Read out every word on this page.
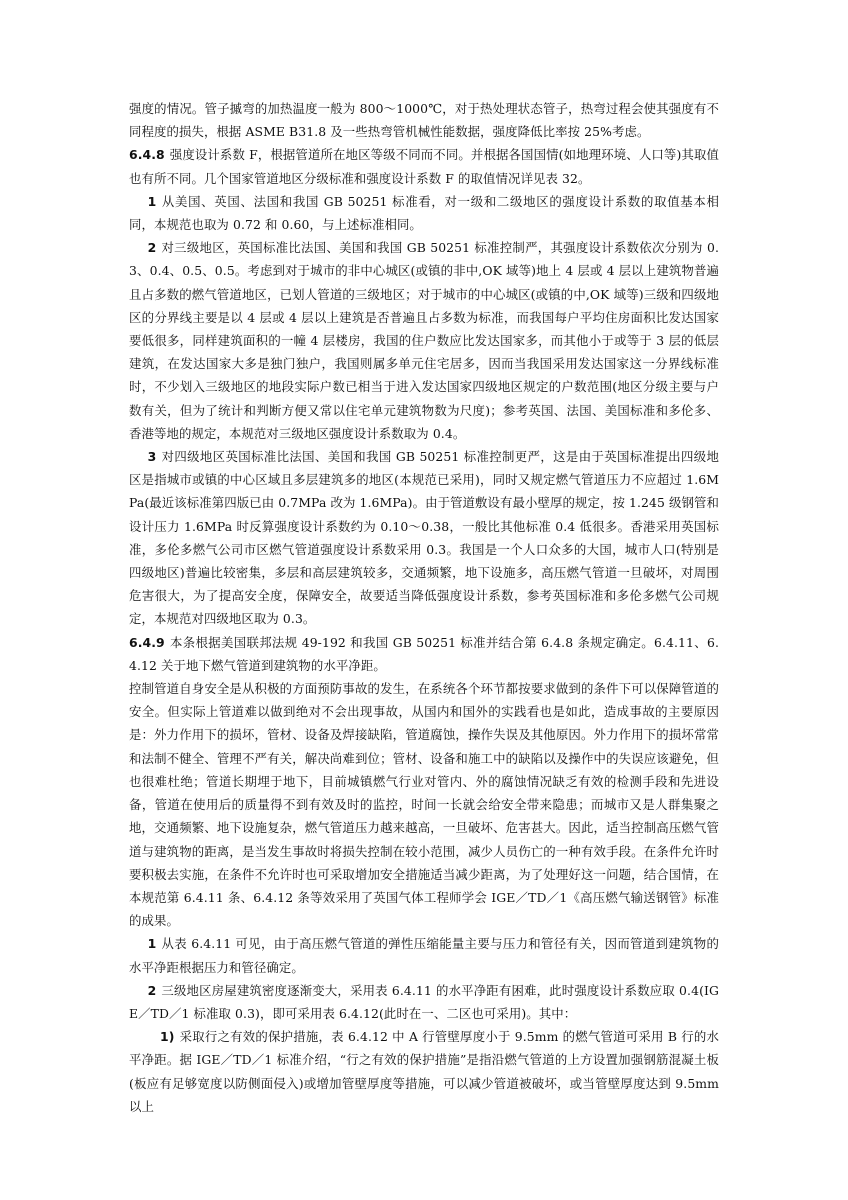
强度的情况。管子摵弯的加热温度一般为 800～1000℃，对于热处理状态管子，热弯过程会使其强度有不同程度的损失，根据 ASME B31.8 及一些热弯管机械性能数据，强度降低比率按 25%考虑。

6.4.8 强度设计系数 F，根据管道所在地区等级不同而不同。并根据各国国情(如地理环境、人口等)其取值也有所不同。几个国家管道地区分级标准和强度设计系数 F 的取值情况详见表 32。

1 从美国、英国、法国和我国 GB 50251 标准看，对一级和二级地区的强度设计系数的取值基本相同，本规范也取为 0.72 和 0.60，与上述标准相同。

2 对三级地区，英国标准比法国、美国和我国 GB 50251 标准控制严，其强度设计系数依次分别为 0.3、0.4、0.5、0.5。考虑到对于城市的非中心城区(或镇的非中,OK 域等)地上 4 层或 4 层以上建筑物普遍且占多数的燃气管道地区，已划人管道的三级地区；对于城市的中心城区(或镇的中,OK 域等)三级和四级地区的分界线主要是以 4 层或 4 层以上建筑是否普遍且占多数为标准，而我国每户平均住房面积比发达国家要低很多，同样建筑面积的一幢 4 层楼房，我国的住户数应比发达国家多，而其他小于或等于 3 层的低层建筑，在发达国家大多是独门独户，我国则属多单元住宅居多，因而当我国采用发达国家这一分界线标准时，不少划入三级地区的地段实际户数已相当于进入发达国家四级地区规定的户数范围(地区分级主要与户数有关，但为了统计和判断方便又常以住宅单元建筑物数为尺度)；参考英国、法国、美国标准和多伦多、香港等地的规定，本规范对三级地区强度设计系数取为 0.4。

3 对四级地区英国标准比法国、美国和我国 GB 50251 标准控制更严，这是由于英国标准提出四级地区是指城市或镇的中心区域且多层建筑多的地区(本规范已采用)，同时又规定燃气管道压力不应超过 1.6MPa(最近该标准第四版已由 0.7MPa 改为 1.6MPa)。由于管道敷设有最小壁厚的规定，按 1.245 级钢管和设计压力 1.6MPa 时反算强度设计系数约为 0.10～0.38，一般比其他标准 0.4 低很多。香港采用英国标准，多伦多燃气公司市区燃气管道强度设计系数采用 0.3。我国是一个人口众多的大国，城市人口(特别是四级地区)普遍比较密集，多层和高层建筑较多，交通频繁，地下设施多，高压燃气管道一旦破坏，对周围危害很大，为了提高安全度，保障安全，故要适当降低强度设计系数，参考英国标准和多伦多燃气公司规定，本规范对四级地区取为 0.3。

6.4.9 本条根据美国联邦法规 49-192 和我国 GB 50251 标准并结合第 6.4.8 条规定确定。6.4.11、6.4.12 关于地下燃气管道到建筑物的水平净距。

控制管道自身安全是从积极的方面预防事故的发生，在系统各个环节都按要求做到的条件下可以保障管道的安全。但实际上管道难以做到绝对不会出现事故，从国内和国外的实践看也是如此，造成事故的主要原因是：外力作用下的损坏，管材、设备及焊接缺陷，管道腐蚀，操作失误及其他原因。外力作用下的损坏常常和法制不健全、管理不严有关，解决尚难到位；管材、设备和施工中的缺陷以及操作中的失误应该避免，但也很难杜绝；管道长期埋于地下，目前城镇燃气行业对管内、外的腐蚀情况缺乏有效的检测手段和先进设备，管道在使用后的质量得不到有效及时的监控，时间一长就会给安全带来隐患；而城市又是人群集聚之地，交通频繁、地下设施复杂，燃气管道压力越来越高，一旦破坏、危害甚大。因此，适当控制高压燃气管道与建筑物的距离，是当发生事故时将损失控制在较小范围，减少人员伤亡的一种有效手段。在条件允许时要积极去实施，在条件不允许时也可采取增加安全措施适当减少距离，为了处理好这一问题，结合国情，在本规范第 6.4.11 条、6.4.12 条等效采用了英国气体工程师学会 IGE／TD／1《高压燃气输送钢管》标准的成果。

1 从表 6.4.11 可见，由于高压燃气管道的弹性压缩能量主要与压力和管径有关，因而管道到建筑物的水平净距根据压力和管径确定。

2 三级地区房屋建筑密度逐渐变大，采用表 6.4.11 的水平净距有困难，此时强度设计系数应取 0.4(IGE／TD／1 标准取 0.3)，即可采用表 6.4.12(此时在一、二区也可采用)。其中：

1) 采取行之有效的保护措施，表 6.4.12 中 A 行管壁厚度小于 9.5mm 的燃气管道可采用 B 行的水平净距。据 IGE／TD／1 标准介绍，“行之有效的保护措施”是指沿燃气管道的上方设置加强钢筋混凝土板(板应有足够宽度以防侧面侵入)或增加管壁厚度等措施，可以减少管道被破坏，或当管壁厚度达到 9.5mm 以上
